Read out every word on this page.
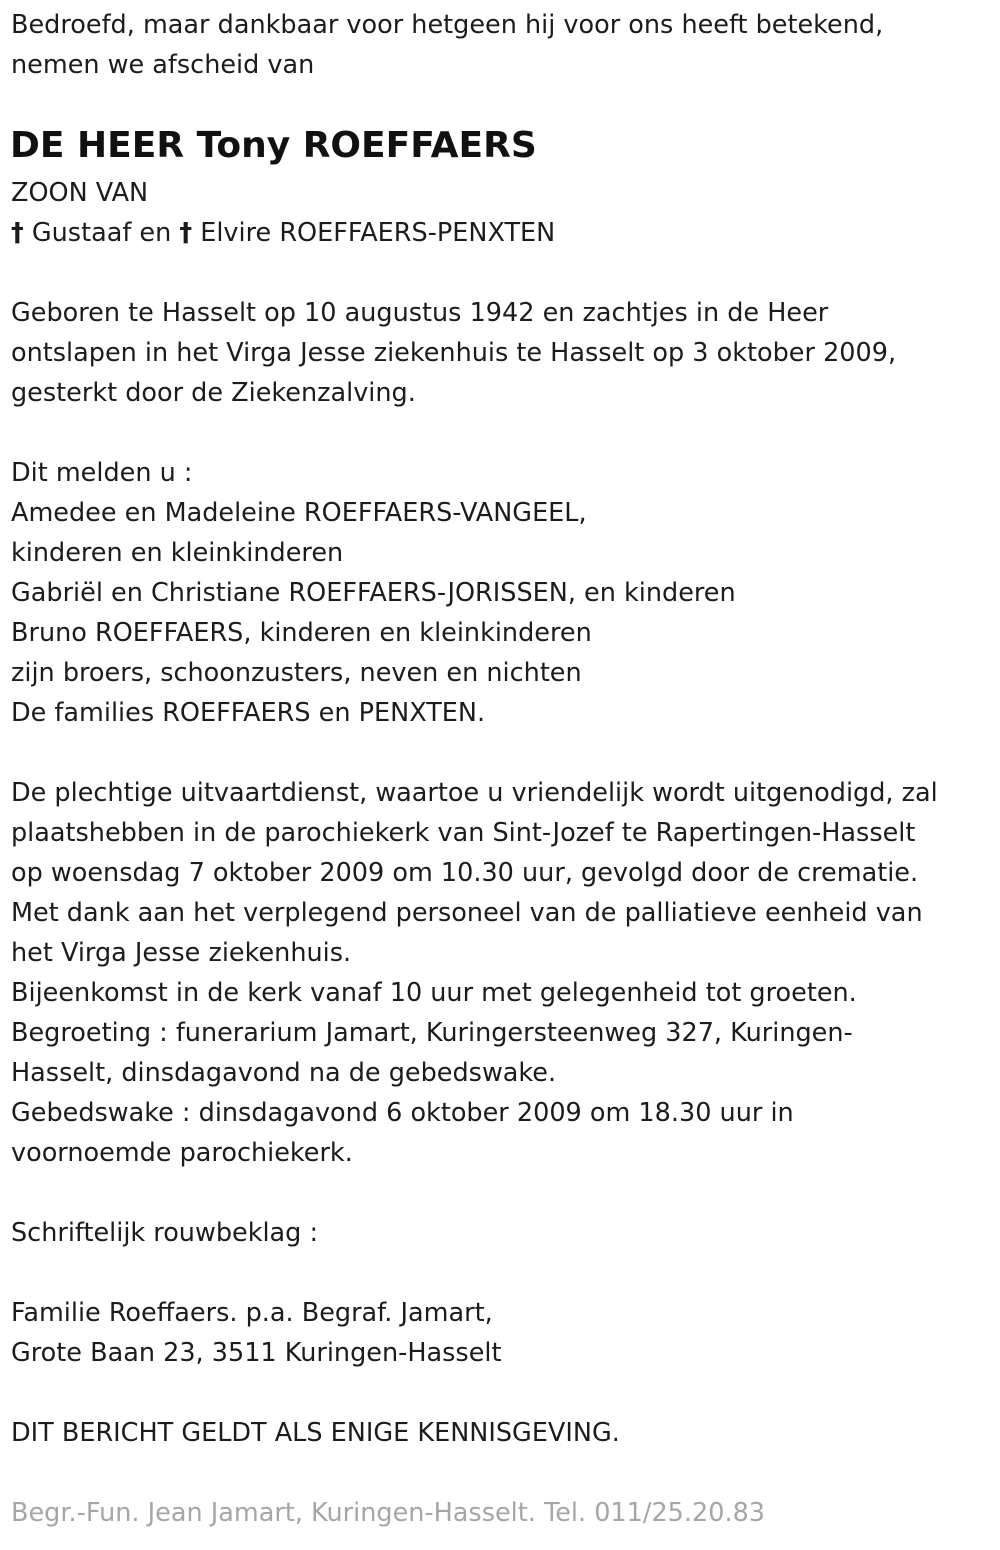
Bedroefd, maar dankbaar voor hetgeen hij voor ons heeft betekend,

nemen we afscheid van

DE HEER Tony ROEFFAERS

ZOON VAN

† Gustaaf en † Elvire ROEFFAERS-PENXTEN

Geboren te Hasselt op 10 augustus 1942 en zachtjes in de Heer

ontslapen in het Virga Jesse ziekenhuis te Hasselt op 3 oktober 2009,

gesterkt door de Ziekenzalving.

Dit melden u :

Amedee en Madeleine ROEFFAERS-VANGEEL,

kinderen en kleinkinderen

Gabriël en Christiane ROEFFAERS-JORISSEN, en kinderen

Bruno ROEFFAERS, kinderen en kleinkinderen

zijn broers, schoonzusters, neven en nichten

De families ROEFFAERS en PENXTEN.

De plechtige uitvaartdienst, waartoe u vriendelijk wordt uitgenodigd, zal

plaatshebben in de parochiekerk van Sint-Jozef te Rapertingen-Hasselt

op woensdag 7 oktober 2009 om 10.30 uur, gevolgd door de crematie.

Met dank aan het verplegend personeel van de palliatieve eenheid van

het Virga Jesse ziekenhuis.

Bijeenkomst in de kerk vanaf 10 uur met gelegenheid tot groeten.

Begroeting : funerarium Jamart, Kuringersteenweg 327, Kuringen-

Hasselt, dinsdagavond na de gebedswake.

Gebedswake : dinsdagavond 6 oktober 2009 om 18.30 uur in

voornoemde parochiekerk.

Schriftelijk rouwbeklag :

Familie Roeffaers. p.a. Begraf. Jamart,

Grote Baan 23, 3511 Kuringen-Hasselt

DIT BERICHT GELDT ALS ENIGE KENNISGEVING.

Begr.-Fun. Jean Jamart, Kuringen-Hasselt. Tel. 011/25.20.83
